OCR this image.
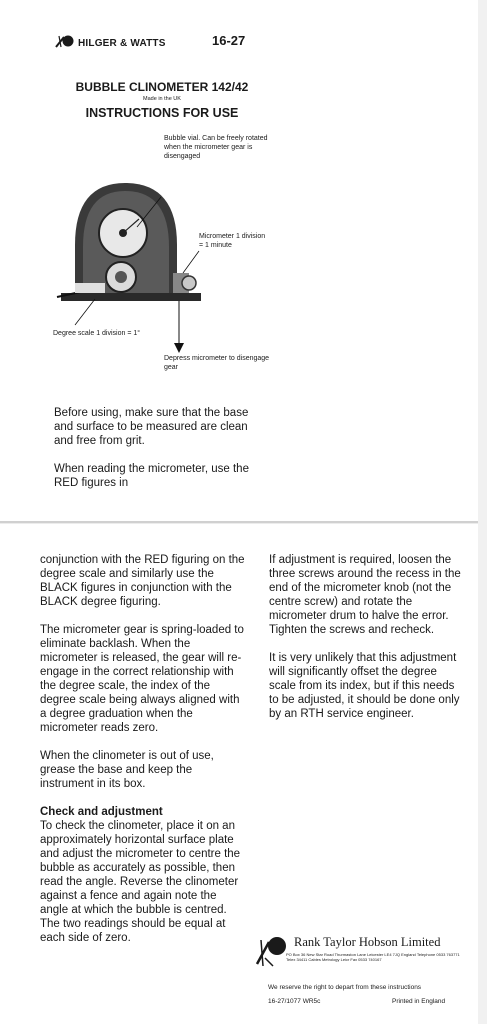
HILGER & WATTS	16-27
BUBBLE CLINOMETER 142/42
Made in the UK
INSTRUCTIONS FOR USE
Bubble vial. Can be freely rotated when the micrometer gear is disengaged
Micrometer 1 division = 1 minute
Degree scale 1 division = 1°
Depress micrometer to disengage gear
Before using, make sure that the base and surface to be measured are clean and free from grit.
When reading the micrometer, use the RED figures in

conjunction with the RED figuring on the degree scale and similarly use the BLACK figures in conjunction with the BLACK degree figuring.

The micrometer gear is spring-loaded to eliminate backlash. When the micrometer is released, the gear will re-engage in the correct relationship with the degree scale, the index of the degree scale being always aligned with a degree graduation when the micrometer reads zero.

When the clinometer is out of use, grease the base and keep the instrument in its box.

Check and adjustment

To check the clinometer, place it on an approximately horizontal surface plate and adjust the micrometer to centre the bubble as accurately as possible, then read the angle. Reverse the clinometer against a fence and again note the angle at which the bubble is centred. The two readings should be equal at each side of zero.

If adjustment is required, loosen the three screws around the recess in the end of the micrometer knob (not the centre screw) and rotate the micrometer drum to halve the error. Tighten the screws and recheck.

It is very unlikely that this adjustment will significantly offset the degree scale from its index, but if this needs to be adjusted, it should be done only by an RTH service engineer.

Rank Taylor Hobson Limited
PO Box 36 New Star Road Thurmaston Lane Leicester LE4 7JQ England Telephone 0533 763771 Telex 34411 Cables Metrology Leicr Fax 0533 740167
We reserve the right to depart from these instructions
16-27/1077 WR5c	Printed in England
